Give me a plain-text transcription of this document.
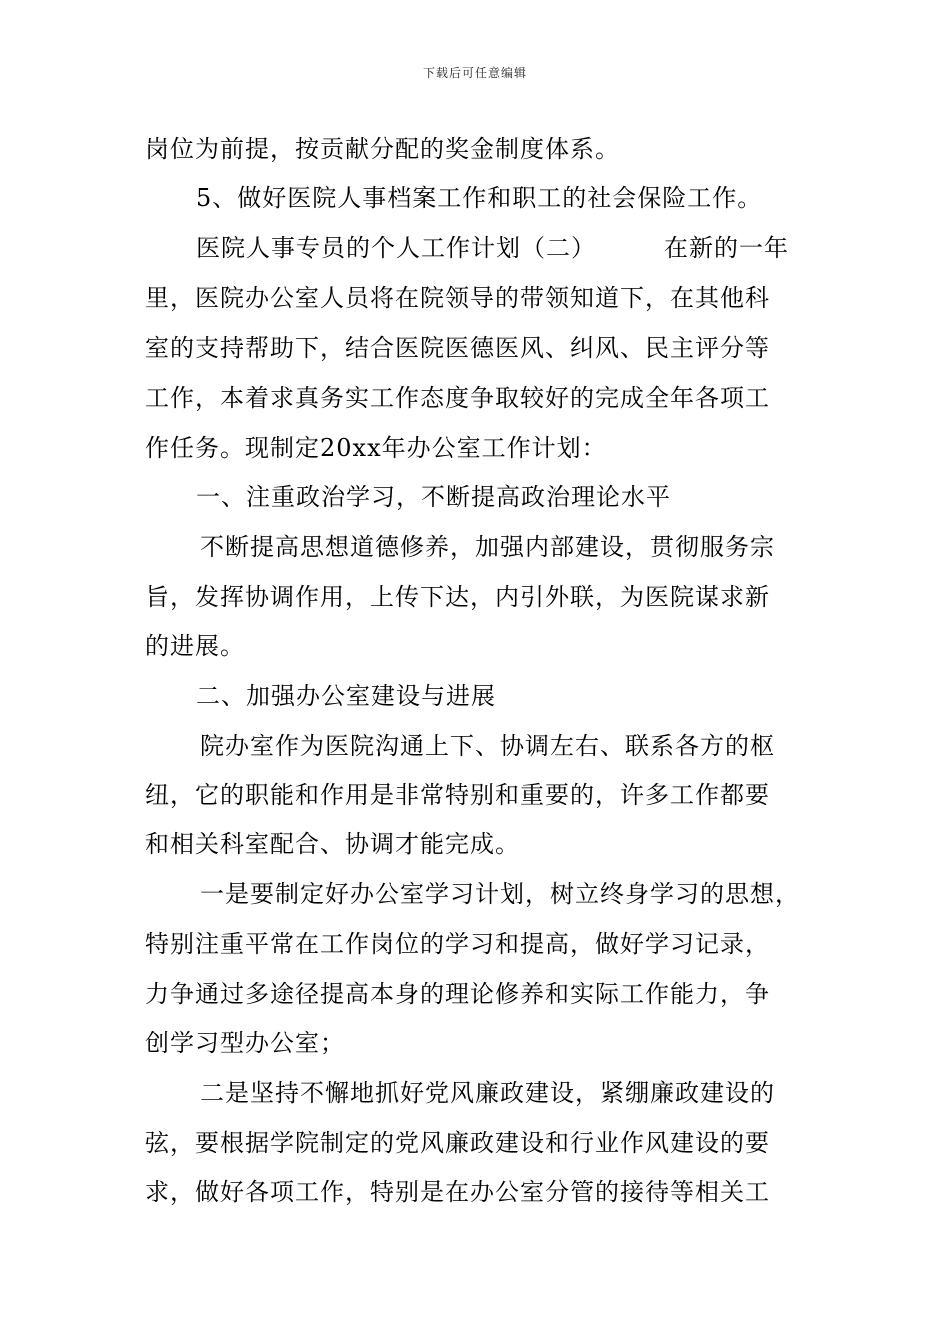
下载后可任意编辑
岗位为前提，按贡献分配的奖金制度体系。
5、做好医院人事档案工作和职工的社会保险工作。
医院人事专员的个人工作计划（二）	在新的一年
里，医院办公室人员将在院领导的带领知道下，在其他科
室的支持帮助下，结合医院医德医风、纠风、民主评分等
工作，本着求真务实工作态度争取较好的完成全年各项工
作任务。现制定20xx年办公室工作计划：
一、注重政治学习，不断提高政治理论水平
不断提高思想道德修养，加强内部建设，贯彻服务宗
旨，发挥协调作用，上传下达，内引外联，为医院谋求新
的进展。
二、加强办公室建设与进展
院办室作为医院沟通上下、协调左右、联系各方的枢
纽，它的职能和作用是非常特别和重要的，许多工作都要
和相关科室配合、协调才能完成。
一是要制定好办公室学习计划，树立终身学习的思想，
特别注重平常在工作岗位的学习和提高，做好学习记录，
力争通过多途径提高本身的理论修养和实际工作能力，争
创学习型办公室；
二是坚持不懈地抓好党风廉政建设，紧绷廉政建设的
弦，要根据学院制定的党风廉政建设和行业作风建设的要
求，做好各项工作，特别是在办公室分管的接待等相关工
